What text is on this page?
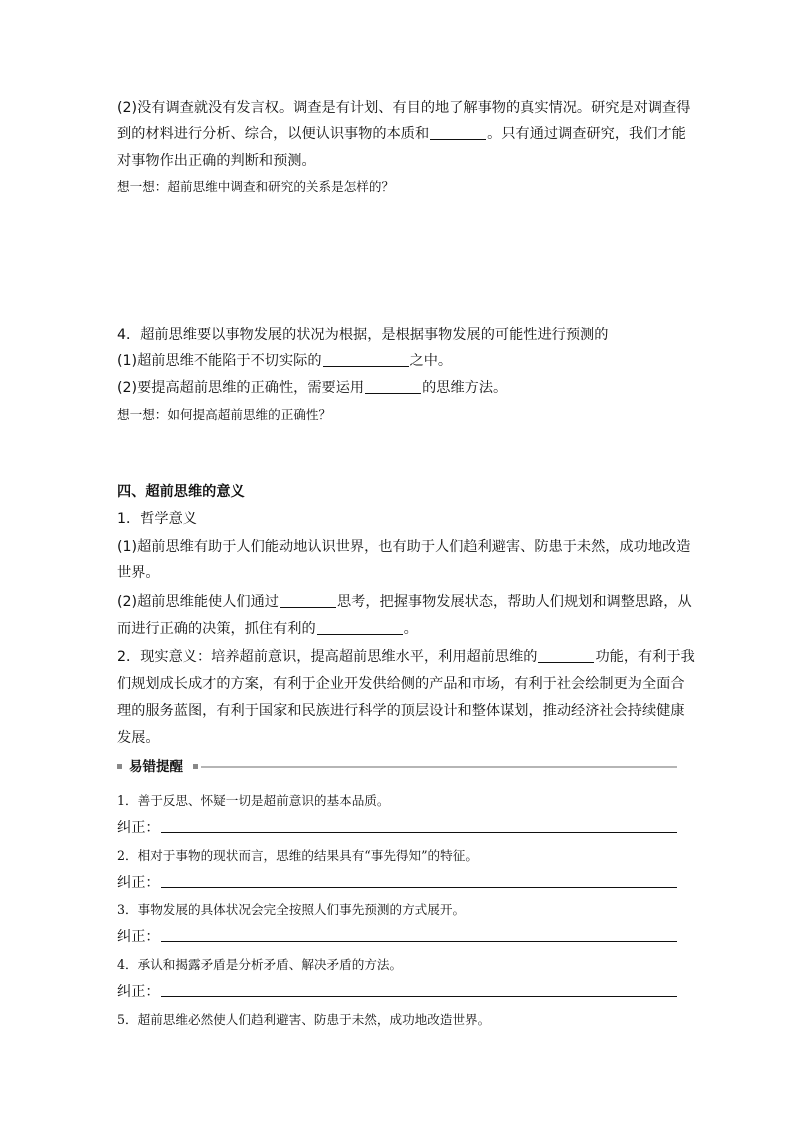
(2)没有调查就没有发言权。调查是有计划、有目的地了解事物的真实情况。研究是对调查得
到的材料进行分析、综合，以便认识事物的本质和	。只有通过调查研究，我们才能
对事物作出正确的判断和预测。
想一想：超前思维中调查和研究的关系是怎样的？
4．超前思维要以事物发展的状况为根据，是根据事物发展的可能性进行预测的
(1)超前思维不能陷于不切实际的	之中。
(2)要提高超前思维的正确性，需要运用	的思维方法。
想一想：如何提高超前思维的正确性？
四、超前思维的意义
1．哲学意义
(1)超前思维有助于人们能动地认识世界，也有助于人们趋利避害、防患于未然，成功地改造
世界。
(2)超前思维能使人们通过	思考，把握事物发展状态，帮助人们规划和调整思路，从
而进行正确的决策，抓住有利的	。
2．现实意义：培养超前意识，提高超前思维水平，利用超前思维的	功能，有利于我
们规划成长成才的方案，有利于企业开发供给侧的产品和市场，有利于社会绘制更为全面合
理的服务蓝图，有利于国家和民族进行科学的顶层设计和整体谋划，推动经济社会持续健康
发展。
易错提醒
1．善于反思、怀疑一切是超前意识的基本品质。
纠正：
2．相对于事物的现状而言，思维的结果具有“事先得知”的特征。
纠正：
3．事物发展的具体状况会完全按照人们事先预测的方式展开。
纠正：
4．承认和揭露矛盾是分析矛盾、解决矛盾的方法。
纠正：
5．超前思维必然使人们趋利避害、防患于未然，成功地改造世界。
